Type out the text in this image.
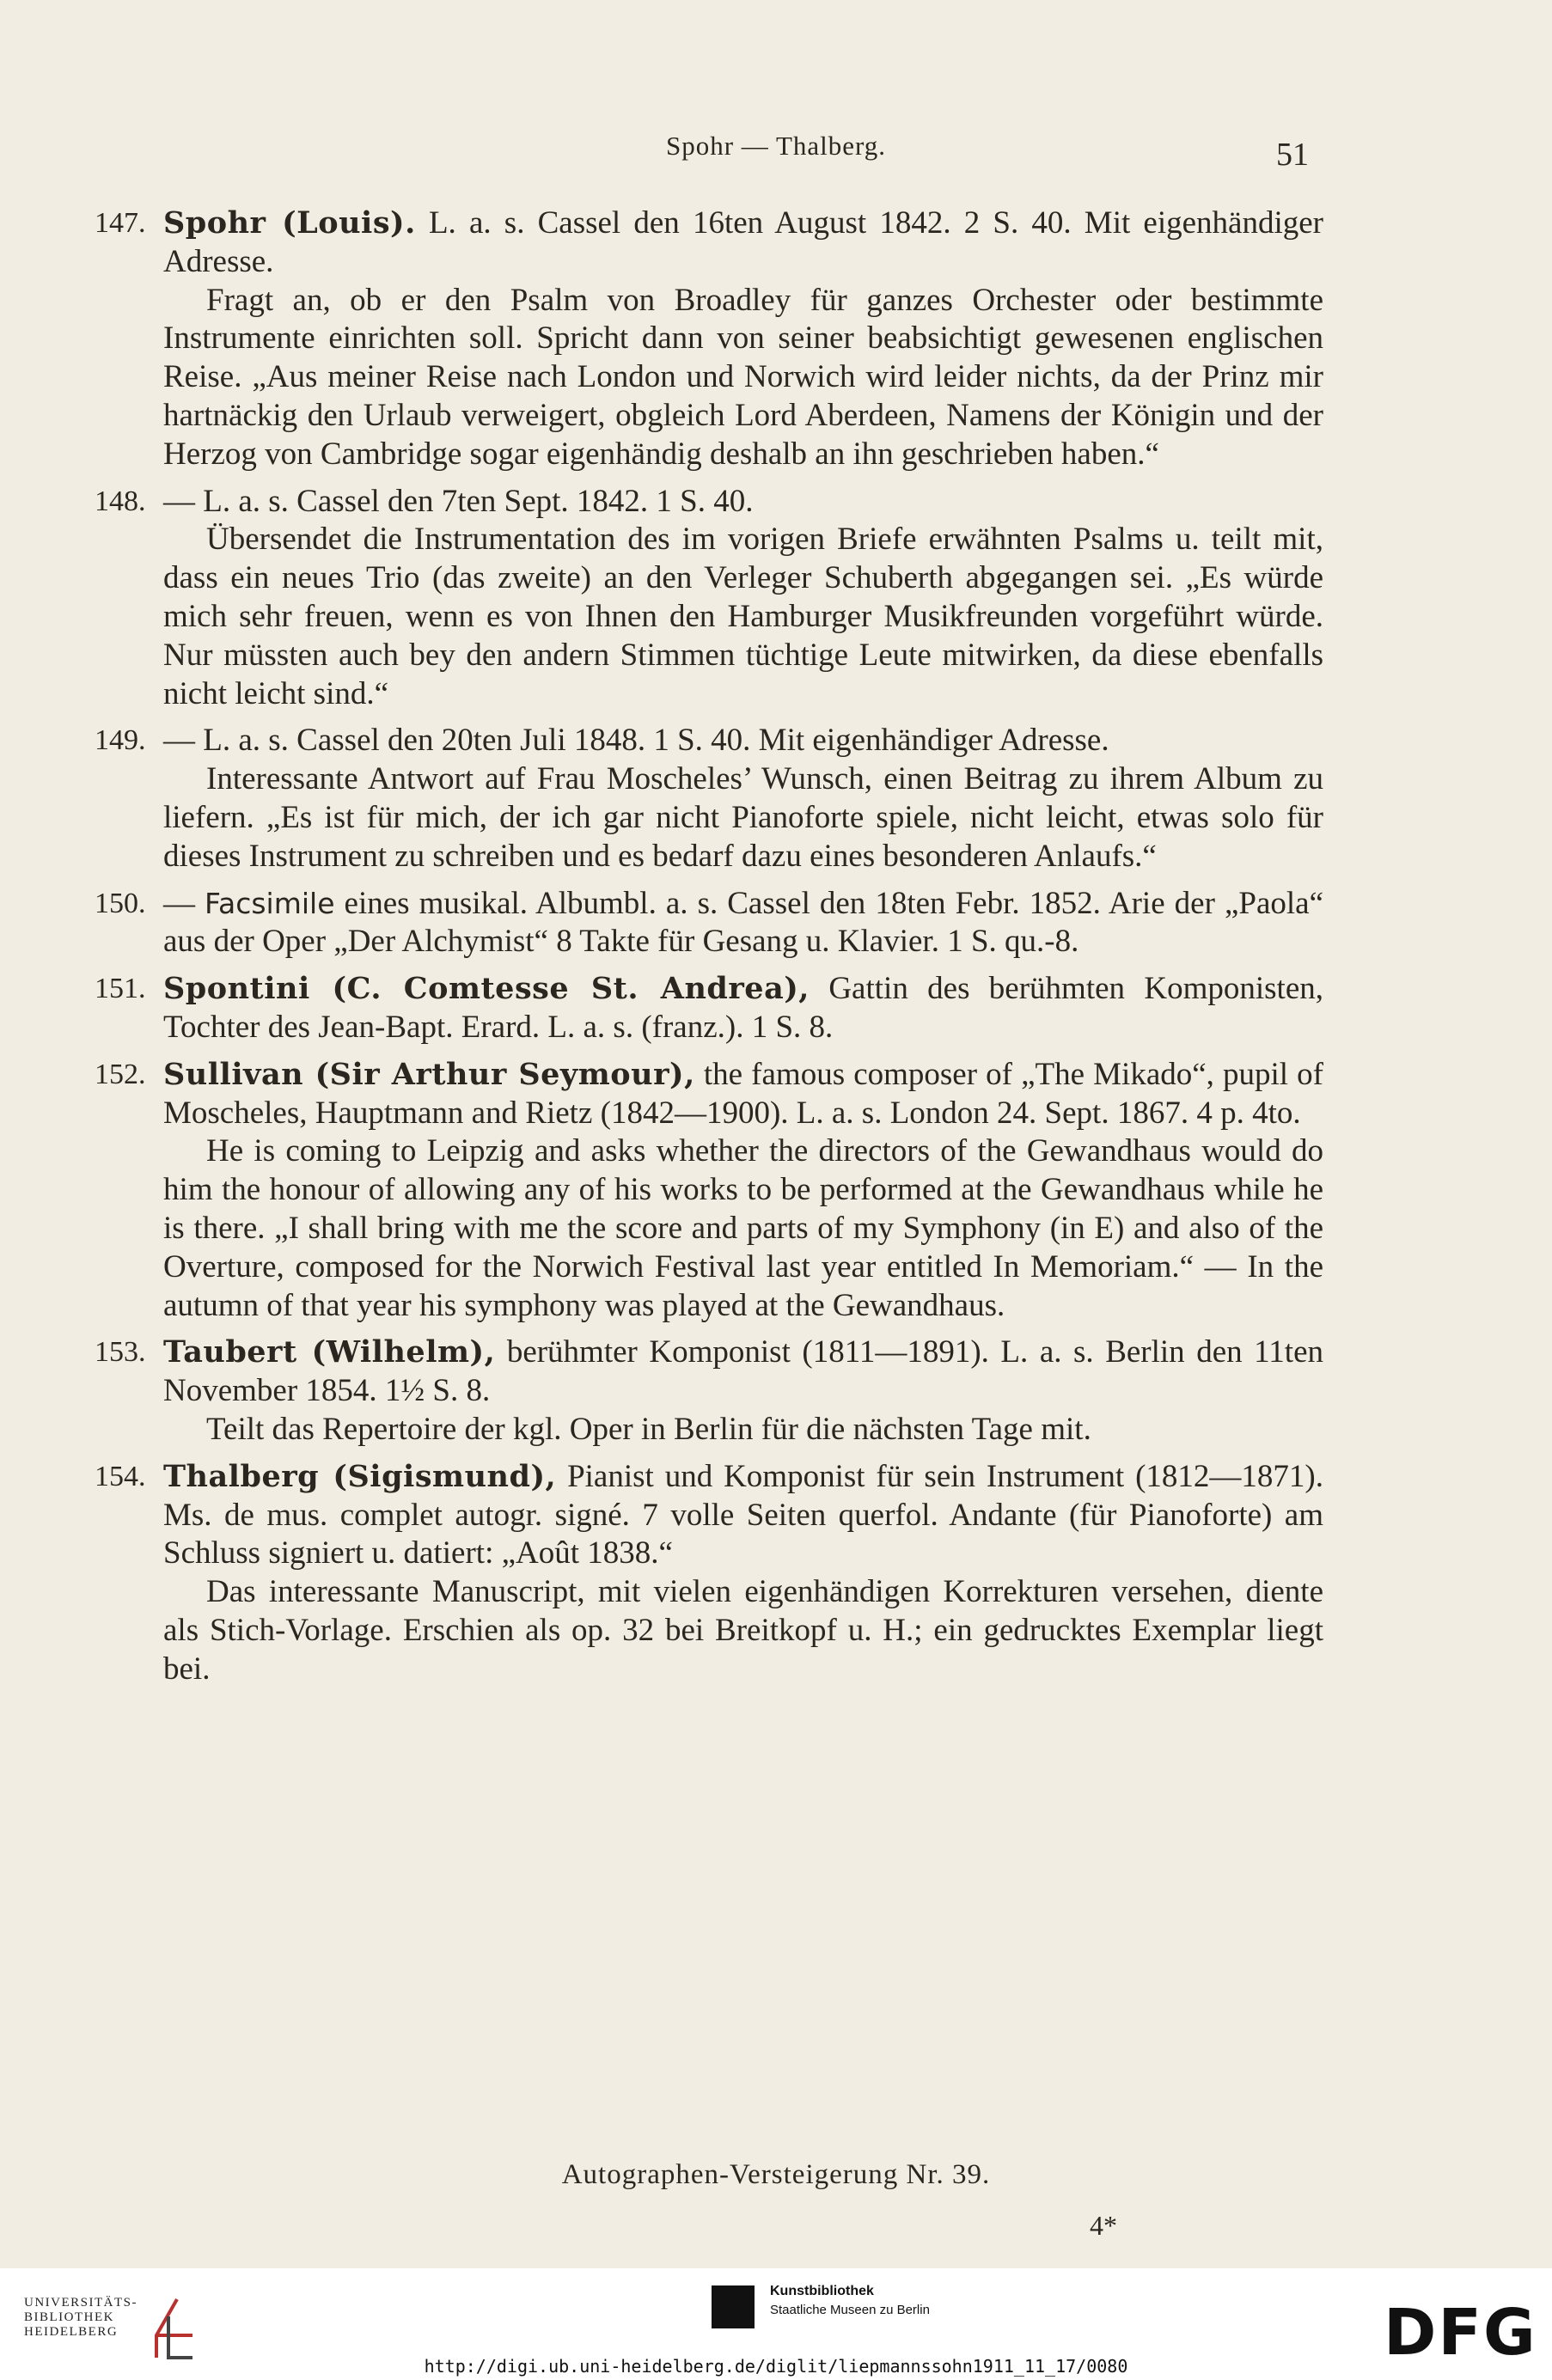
Spohr — Thalberg.	51
147. Spohr (Louis). L. a. s. Cassel den 16ten August 1842. 2 S. 40. Mit eigenhändiger Adresse.

Fragt an, ob er den Psalm von Broadley für ganzes Orchester oder bestimmte Instrumente einrichten soll. Spricht dann von seiner beabsichtigt gewesenen englischen Reise. „Aus meiner Reise nach London und Norwich wird leider nichts, da der Prinz mir hartnäckig den Urlaub verweigert, obgleich Lord Aberdeen, Namens der Königin und der Herzog von Cambridge sogar eigenhändig deshalb an ihn geschrieben haben.“

148. — L. a. s. Cassel den 7ten Sept. 1842. 1 S. 40.

Übersendet die Instrumentation des im vorigen Briefe erwähnten Psalms u. teilt mit, dass ein neues Trio (das zweite) an den Verleger Schuberth abgegangen sei. „Es würde mich sehr freuen, wenn es von Ihnen den Hamburger Musikfreunden vorgeführt würde. Nur müssten auch bey den andern Stimmen tüchtige Leute mitwirken, da diese ebenfalls nicht leicht sind.“

149. — L. a. s. Cassel den 20ten Juli 1848. 1 S. 40. Mit eigenhändiger Adresse.

Interessante Antwort auf Frau Moscheles’ Wunsch, einen Beitrag zu ihrem Album zu liefern. „Es ist für mich, der ich gar nicht Pianoforte spiele, nicht leicht, etwas solo für dieses Instrument zu schreiben und es bedarf dazu eines besonderen Anlaufs.“

150. — Facsimile eines musikal. Albumbl. a. s. Cassel den 18ten Febr. 1852. Arie der „Paola“ aus der Oper „Der Alchymist“ 8 Takte für Gesang u. Klavier. 1 S. qu.-8.

151. Spontini (C. Comtesse St. Andrea), Gattin des berühmten Komponisten, Tochter des Jean-Bapt. Erard. L. a. s. (franz.). 1 S. 8.

152. Sullivan (Sir Arthur Seymour), the famous composer of „The Mikado“, pupil of Moscheles, Hauptmann and Rietz (1842—1900). L. a. s. London 24. Sept. 1867. 4 p. 4to.

He is coming to Leipzig and asks whether the directors of the Gewandhaus would do him the honour of allowing any of his works to be performed at the Gewandhaus while he is there. „I shall bring with me the score and parts of my Symphony (in E) and also of the Overture, composed for the Norwich Festival last year entitled In Memoriam.“ — In the autumn of that year his symphony was played at the Gewandhaus.

153. Taubert (Wilhelm), berühmter Komponist (1811—1891). L. a. s. Berlin den 11ten November 1854. 1½ S. 8.

Teilt das Repertoire der kgl. Oper in Berlin für die nächsten Tage mit.

154. Thalberg (Sigismund), Pianist und Komponist für sein Instrument (1812—1871). Ms. de mus. complet autogr. signé. 7 volle Seiten querfol. Andante (für Pianoforte) am Schluss signiert u. datiert: „Août 1838.“

Das interessante Manuscript, mit vielen eigenhändigen Korrekturen versehen, diente als Stich-Vorlage. Erschien als op. 32 bei Breitkopf u. H.; ein gedrucktes Exemplar liegt bei.

Autographen-Versteigerung Nr. 39.
4*
UNIVERSITÄTS-
BIBLIOTHEK
HEIDELBERG
Kunstbibliothek
Staatliche Museen zu Berlin	DFG
http://digi.ub.uni-heidelberg.de/diglit/liepmannssohn1911_11_17/0080
